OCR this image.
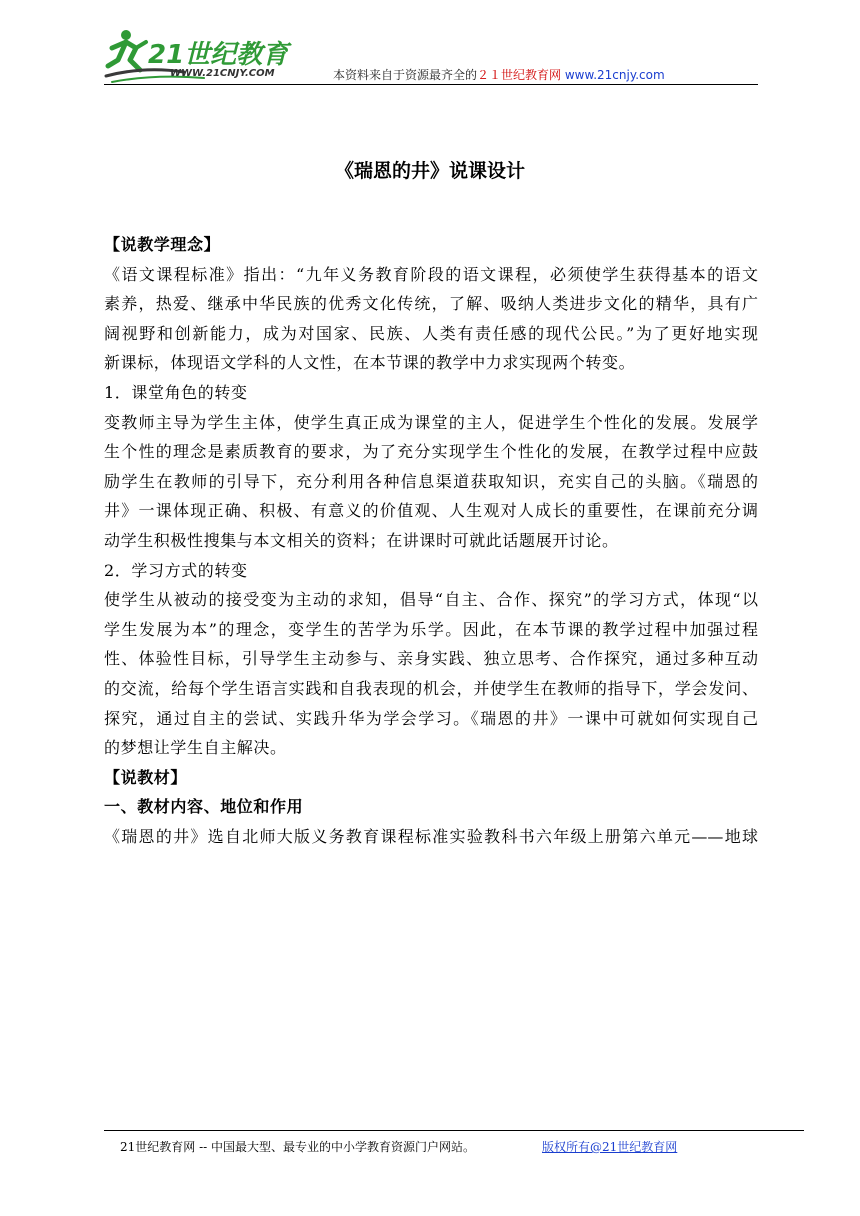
21世纪教育
WWW.21CNJY.COM	本资料来自于资源最齐全的２１世纪教育网 www.21cnjy.com
《瑞恩的井》说课设计
【说教学理念】
《语文课程标准》指出：“九年义务教育阶段的语文课程，必须使学生获得基本的语文
素养，热爱、继承中华民族的优秀文化传统，了解、吸纳人类进步文化的精华，具有广
阔视野和创新能力，成为对国家、民族、人类有责任感的现代公民。”为了更好地实现
新课标，体现语文学科的人文性，在本节课的教学中力求实现两个转变。
1．课堂角色的转变
变教师主导为学生主体，使学生真正成为课堂的主人，促进学生个性化的发展。发展学
生个性的理念是素质教育的要求，为了充分实现学生个性化的发展，在教学过程中应鼓
励学生在教师的引导下，充分利用各种信息渠道获取知识，充实自己的头脑。《瑞恩的
井》一课体现正确、积极、有意义的价值观、人生观对人成长的重要性，在课前充分调
动学生积极性搜集与本文相关的资料；在讲课时可就此话题展开讨论。
2．学习方式的转变
使学生从被动的接受变为主动的求知，倡导“自主、合作、探究”的学习方式，体现“以
学生发展为本”的理念，变学生的苦学为乐学。因此，在本节课的教学过程中加强过程
性、体验性目标，引导学生主动参与、亲身实践、独立思考、合作探究，通过多种互动
的交流，给每个学生语言实践和自我表现的机会，并使学生在教师的指导下，学会发问、
探究，通过自主的尝试、实践升华为学会学习。《瑞恩的井》一课中可就如何实现自己
的梦想让学生自主解决。
【说教材】
一、教材内容、地位和作用
《瑞恩的井》选自北师大版义务教育课程标准实验教科书六年级上册第六单元——地球
21世纪教育网 -- 中国最大型、最专业的中小学教育资源门户网站。	版权所有@21世纪教育网
